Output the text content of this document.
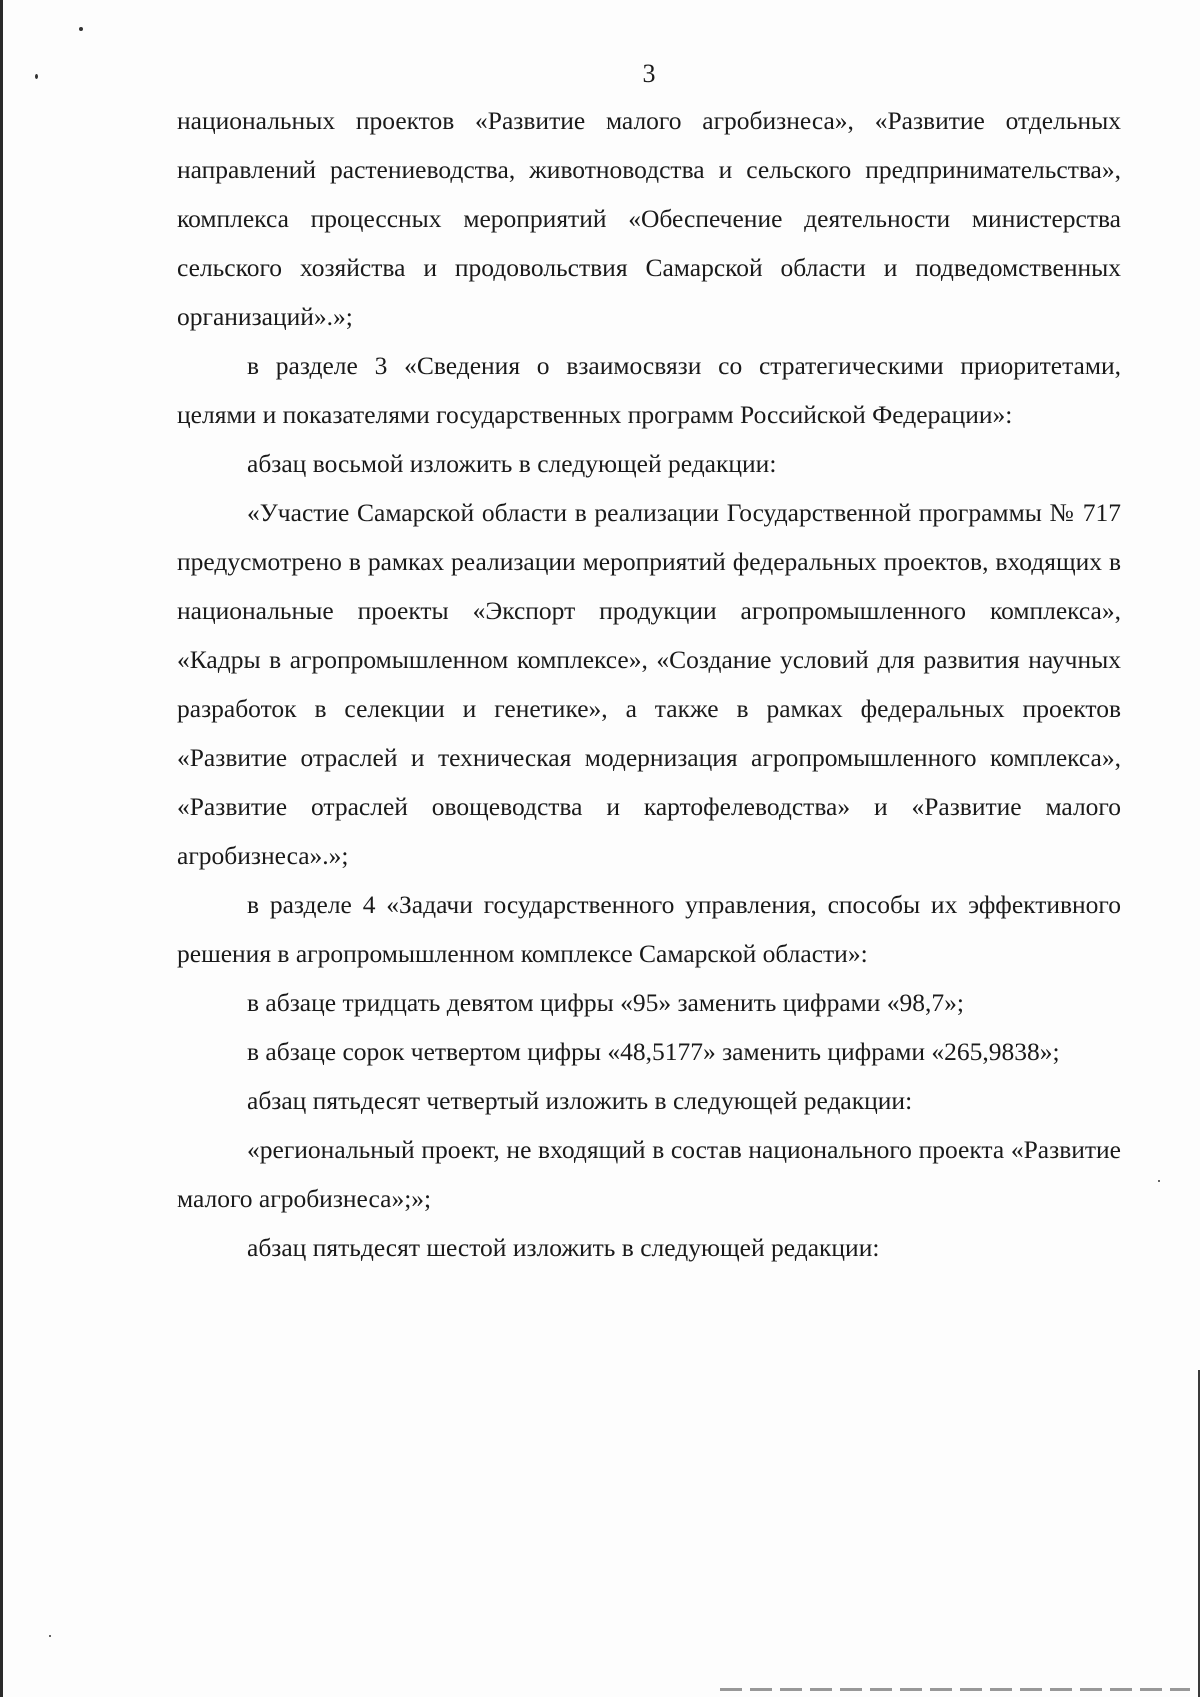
3

национальных проектов «Развитие малого агробизнеса», «Развитие отдельных направлений растениеводства, животноводства и сельского предпринимательства», комплекса процессных мероприятий «Обеспечение деятельности министерства сельского хозяйства и продовольствия Самарской области и подведомственных организаций».»;

в разделе 3 «Сведения о взаимосвязи со стратегическими приоритетами, целями и показателями государственных программ Российской Федерации»:

абзац восьмой изложить в следующей редакции:

«Участие Самарской области в реализации Государственной программы № 717 предусмотрено в рамках реализации мероприятий федеральных проектов, входящих в национальные проекты «Экспорт продукции агропромышленного комплекса», «Кадры в агропромышленном комплексе», «Создание условий для развития научных разработок в селекции и генетике», а также в рамках федеральных проектов «Развитие отраслей и техническая модернизация агропромышленного комплекса», «Развитие отраслей овощеводства и картофелеводства» и «Развитие малого агробизнеса».»;

в разделе 4 «Задачи государственного управления, способы их эффективного решения в агропромышленном комплексе Самарской области»:

в абзаце тридцать девятом цифры «95» заменить цифрами «98,7»;

в абзаце сорок четвертом цифры «48,5177» заменить цифрами «265,9838»;

абзац пятьдесят четвертый изложить в следующей редакции:

«региональный проект, не входящий в состав национального проекта «Развитие малого агробизнеса»;»;

абзац пятьдесят шестой изложить в следующей редакции:
